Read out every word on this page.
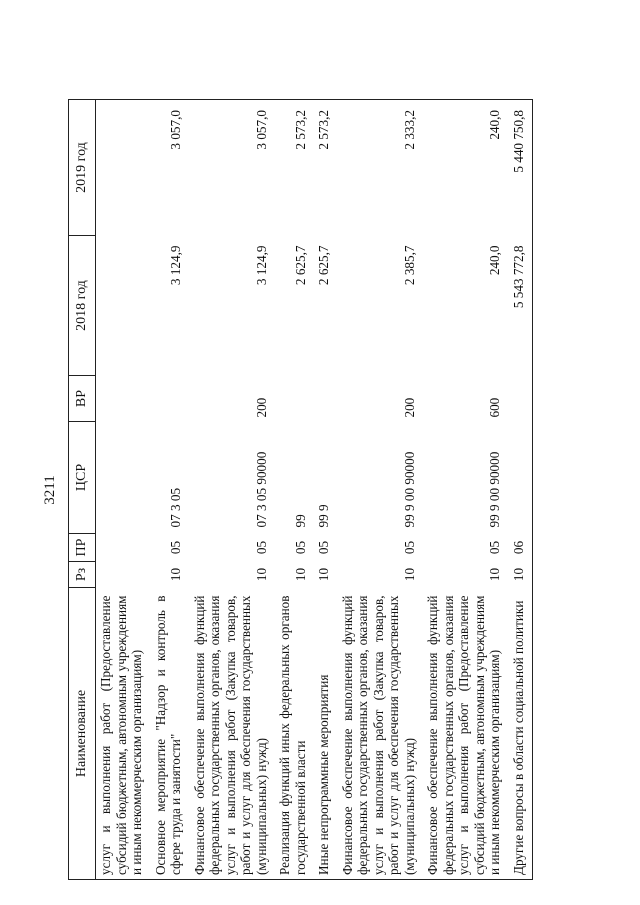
3211
Наименование	Рз	ПР	ЦСР	ВР	2018 год	2019 год
услуг и выполнения работ (Предоставление субсидий бюджетным, автономным учреждениям и иным некоммерческим организациям)						
Основное мероприятие "Надзор и контроль в сфере труда и занятости"	10	05	07 3 05		3 124,9	3 057,0
Финансовое обеспечение выполнения функций федеральных государственных органов, оказания услуг и выполнения работ (Закупка товаров, работ и услуг для обеспечения государственных (муниципальных) нужд)	10	05	07 3 05 90000	200	3 124,9	3 057,0
Реализация функций иных федеральных органов государственной власти	10	05	99		2 625,7	2 573,2
Иные непрограммные мероприятия	10	05	99 9		2 625,7	2 573,2
Финансовое обеспечение выполнения функций федеральных государственных органов, оказания услуг и выполнения работ (Закупка товаров, работ и услуг для обеспечения государственных (муниципальных) нужд)	10	05	99 9 00 90000	200	2 385,7	2 333,2
Финансовое обеспечение выполнения функций федеральных государственных органов, оказания услуг и выполнения работ (Предоставление субсидий бюджетным, автономным учреждениям и иным некоммерческим организациям)	10	05	99 9 00 90000	600	240,0	240,0
Другие вопросы в области социальной политики	10	06			5 543 772,8	5 440 750,8
